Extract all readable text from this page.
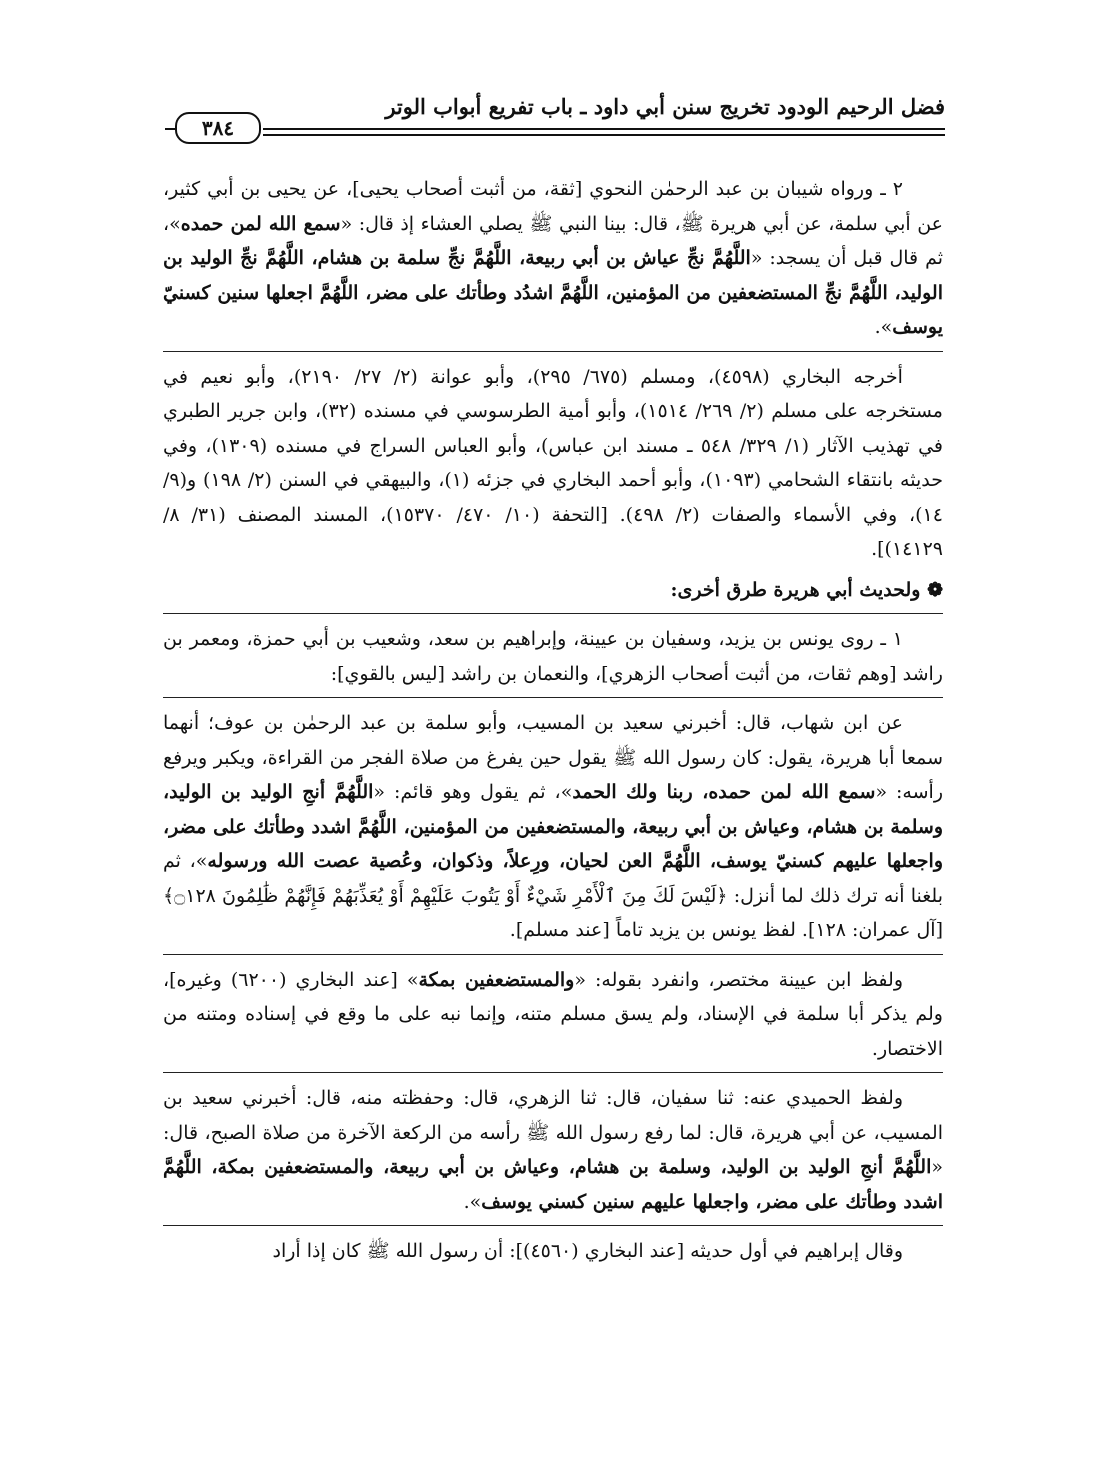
فضل الرحيم الودود تخريج سنن أبي داود ـ باب تفريع أبواب الوتر
٣٨٤

٢ ـ ورواه شيبان بن عبد الرحمٰن النحوي [ثقة، من أثبت أصحاب يحيى]، عن يحيى بن أبي كثير، عن أبي سلمة، عن أبي هريرة ﷺ، قال: بينا النبي ﷺ يصلي العشاء إذ قال: «سمع الله لمن حمده»، ثم قال قبل أن يسجد: «اللَّهُمَّ نجِّ عياش بن أبي ربيعة، اللَّهُمَّ نجِّ سلمة بن هشام، اللَّهُمَّ نجِّ الوليد بن الوليد، اللَّهُمَّ نجِّ المستضعفين من المؤمنين، اللَّهُمَّ اشدُد وطأتك على مضر، اللَّهُمَّ اجعلها سنين كسنيّ يوسف».

أخرجه البخاري (٤٥٩٨)، ومسلم (٦٧٥/ ٢٩٥)، وأبو عوانة (٢/ ٢٧/ ٢١٩٠)، وأبو نعيم في مستخرجه على مسلم (٢/ ٢٦٩/ ١٥١٤)، وأبو أمية الطرسوسي في مسنده (٣٢)، وابن جرير الطبري في تهذيب الآثار (١/ ٣٢٩/ ٥٤٨ ـ مسند ابن عباس)، وأبو العباس السراج في مسنده (١٣٠٩)، وفي حديثه بانتقاء الشحامي (١٠٩٣)، وأبو أحمد البخاري في جزئه (١)، والبيهقي في السنن (٢/ ١٩٨) و(٩/ ١٤)، وفي الأسماء والصفات (٢/ ٤٩٨). [التحفة (١٠/ ٤٧٠/ ١٥٣٧٠)، المسند المصنف (٣١/ ٨/ ١٤١٢٩)].

❁ ولحديث أبي هريرة طرق أخرى:

١ ـ روى يونس بن يزيد، وسفيان بن عيينة، وإبراهيم بن سعد، وشعيب بن أبي حمزة، ومعمر بن راشد [وهم ثقات، من أثبت أصحاب الزهري]، والنعمان بن راشد [ليس بالقوي]:

عن ابن شهاب، قال: أخبرني سعيد بن المسيب، وأبو سلمة بن عبد الرحمٰن بن عوف؛ أنهما سمعا أبا هريرة، يقول: كان رسول الله ﷺ يقول حين يفرغ من صلاة الفجر من القراءة، ويكبر ويرفع رأسه: «سمع الله لمن حمده، ربنا ولك الحمد»، ثم يقول وهو قائم: «اللَّهُمَّ أنجِ الوليد بن الوليد، وسلمة بن هشام، وعياش بن أبي ربيعة، والمستضعفين من المؤمنين، اللَّهُمَّ اشدد وطأتك على مضر، واجعلها عليهم كسنيّ يوسف، اللَّهُمَّ العن لحيان، ورِعلاً، وذكوان، وعُصية عصت الله ورسوله»، ثم بلغنا أنه ترك ذلك لما أنزل: ﴿لَيْسَ لَكَ مِنَ ٱلْأَمْرِ شَيْءٌ أَوْ يَتُوبَ عَلَيْهِمْ أَوْ يُعَذِّبَهُمْ فَإِنَّهُمْ ظَٰلِمُونَ ۝١٢٨﴾ [آل عمران: ١٢٨]. لفظ يونس بن يزيد تاماً [عند مسلم].

ولفظ ابن عيينة مختصر، وانفرد بقوله: «والمستضعفين بمكة» [عند البخاري (٦٢٠٠) وغيره]، ولم يذكر أبا سلمة في الإسناد، ولم يسق مسلم متنه، وإنما نبه على ما وقع في إسناده ومتنه من الاختصار.

ولفظ الحميدي عنه: ثنا سفيان، قال: ثنا الزهري، قال: وحفظته منه، قال: أخبرني سعيد بن المسيب، عن أبي هريرة، قال: لما رفع رسول الله ﷺ رأسه من الركعة الآخرة من صلاة الصبح، قال: «اللَّهُمَّ أنجِ الوليد بن الوليد، وسلمة بن هشام، وعياش بن أبي ربيعة، والمستضعفين بمكة، اللَّهُمَّ اشدد وطأتك على مضر، واجعلها عليهم سنين كسني يوسف».

وقال إبراهيم في أول حديثه [عند البخاري (٤٥٦٠)]: أن رسول الله ﷺ كان إذا أراد
